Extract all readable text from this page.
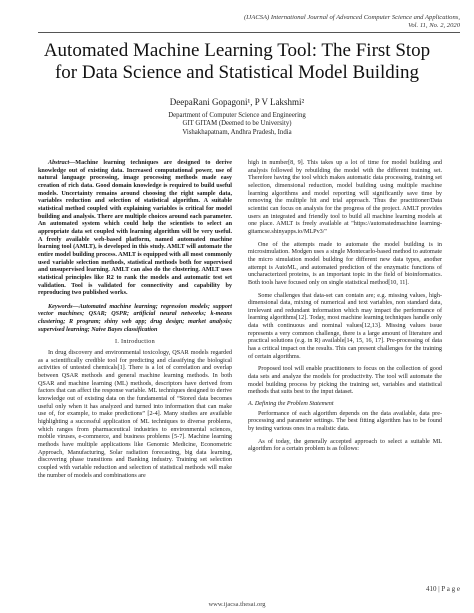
(IJACSA) International Journal of Advanced Computer Science and Applications,
Vol. 11, No. 2, 2020
Automated Machine Learning Tool: The First Stop
for Data Science and Statistical Model Building
DeepaRani Gopagoni¹, P V Lakshmi²
Department of Computer Science and Engineering
GIT GITAM (Deemed to be University)
Vishakhapatnam, Andhra Pradesh, India

Abstract—Machine learning techniques are designed to derive knowledge out of existing data. Increased computational power, use of natural language processing, image processing methods made easy creation of rich data. Good domain knowledge is required to build useful models. Uncertainty remains around choosing the right sample data, variables reduction and selection of statistical algorithm. A suitable statistical method coupled with explaining variables is critical for model building and analysis. There are multiple choices around each parameter. An automated system which could help the scientists to select an appropriate data set coupled with learning algorithm will be very useful. A freely available web-based platform, named automated machine learning tool (AMLT), is developed in this study. AMLT will automate the entire model building process. AMLT is equipped with all most commonly used variable selection methods, statistical methods both for supervised and unsupervised learning. AMLT can also do the clustering. AMLT uses statistical principles like R2 to rank the models and automatic test set validation. Tool is validated for connectivity and capability by reproducing two published works.

Keywords—Automated machine learning; regression models; support vector machines; QSAR; QSPR; artificial neural networks; k-means clustering; R program; shiny web app; drug design; market analysis; supervised learning; Naive Bayes classification

I. Introduction

In drug discovery and environmental toxicology, QSAR models regarded as a scientifically credible tool for predicting and classifying the biological activities of untested chemicals[1]. There is a lot of correlation and overlap between QSAR methods and general machine learning methods. In both QSAR and machine learning (ML) methods, descriptors have derived from factors that can affect the response variable. ML techniques designed to derive knowledge out of existing data on the fundamental of “Stored data becomes useful only when it has analyzed and turned into information that can make use of, for example, to make predictions” [2-4]. Many studies are available highlighting a successful application of ML techniques to diverse problems, which ranges from pharmaceutical industries to environmental sciences, mobile viruses, e-commerce, and business problems [5-7]. Machine learning methods have multiple applications like Genomic Medicine, Econometric Approach, Manufacturing, Solar radiation forecasting, big data learning, discovering phase transitions and Banking industry. Training set selection coupled with variable reduction and selection of statistical methods will make the number of models and combinations are

high in number[8, 9]. This takes up a lot of time for model building and analysis followed by rebuilding the model with the different training set. Therefore having the tool which makes automatic data processing, training set selection, dimensional reduction, model building using multiple machine learning algorithms and model reporting will significantly save time by removing the multiple hit and trial approach. Thus the practitioner/Data scientist can focus on analysis for the progress of the project. AMLT provides users an integrated and friendly tool to build all machine learning models at one place. AMLT is freely available at "https://automatedmachine learning-gitamcse.shinyapps.io/MLPv3/"

One of the attempts made to automate the model building is in microsimulation. Modgen uses a single Montecarlo-based method to automate the micro simulation model building for different new data types, another attempt is AutoML, and automated prediction of the enzymatic functions of uncharacterized proteins, is an important topic in the field of bioinformatics. Both tools have focused only on single statistical method[10, 11].

Some challenges that data-set can contain are; e.g. missing values, high-dimensional data, mixing of numerical and text variables, non standard data, irrelevant and redundant information which may impact the performance of learning algorithms[12]. Today, most machine learning techniques handle only data with continuous and nominal values[12,13]. Missing values issue represents a very common challenge, there is a large amount of literature and practical solutions (e.g. in R) available[14, 15, 16, 17]. Pre-processing of data has a critical impact on the results. This can present challenges for the training of certain algorithms.

Proposed tool will enable practitioners to focus on the collection of good data sets and analyze the models for productivity. The tool will automate the model building process by picking the training set, variables and statistical methods that suits best to the input dataset.

A. Defining the Problem Statement

Performance of each algorithm depends on the data available, data pre-processing and parameter settings. The best fitting algorithm has to be found by testing various ones in a realistic data.

As of today, the generally accepted approach to select a suitable ML algorithm for a certain problem is as follows:

410 | P a g e
www.ijacsa.thesai.org
